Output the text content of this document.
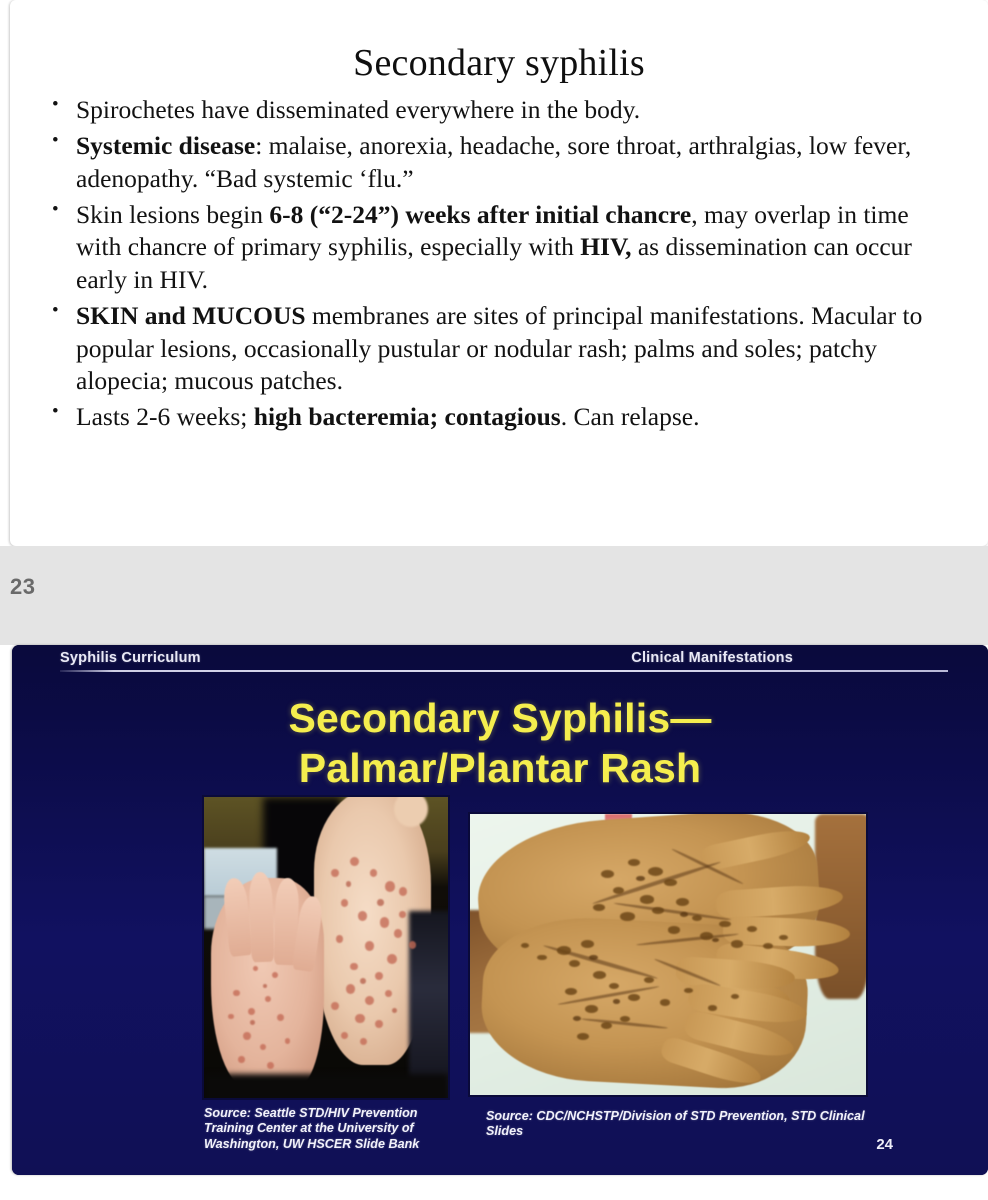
Secondary syphilis
• Spirochetes have disseminated everywhere in the body.
• Systemic disease: malaise, anorexia, headache, sore throat, arthralgias, low fever, adenopathy. “Bad systemic ‘flu.”
• Skin lesions begin 6-8 (“2-24”) weeks after initial chancre, may overlap in time with chancre of primary syphilis, especially with HIV, as dissemination can occur early in HIV.
• SKIN and MUCOUS membranes are sites of principal manifestations. Macular to popular lesions, occasionally pustular or nodular rash; palms and soles; patchy alopecia; mucous patches.
• Lasts 2-6 weeks; high bacteremia; contagious. Can relapse.
23
Syphilis Curriculum	Clinical Manifestations
Secondary Syphilis—
Palmar/Plantar Rash
Source: Seattle STD/HIV Prevention Training Center at the University of Washington, UW HSCER Slide Bank
Source: CDC/NCHSTP/Division of STD Prevention, STD Clinical Slides
24
